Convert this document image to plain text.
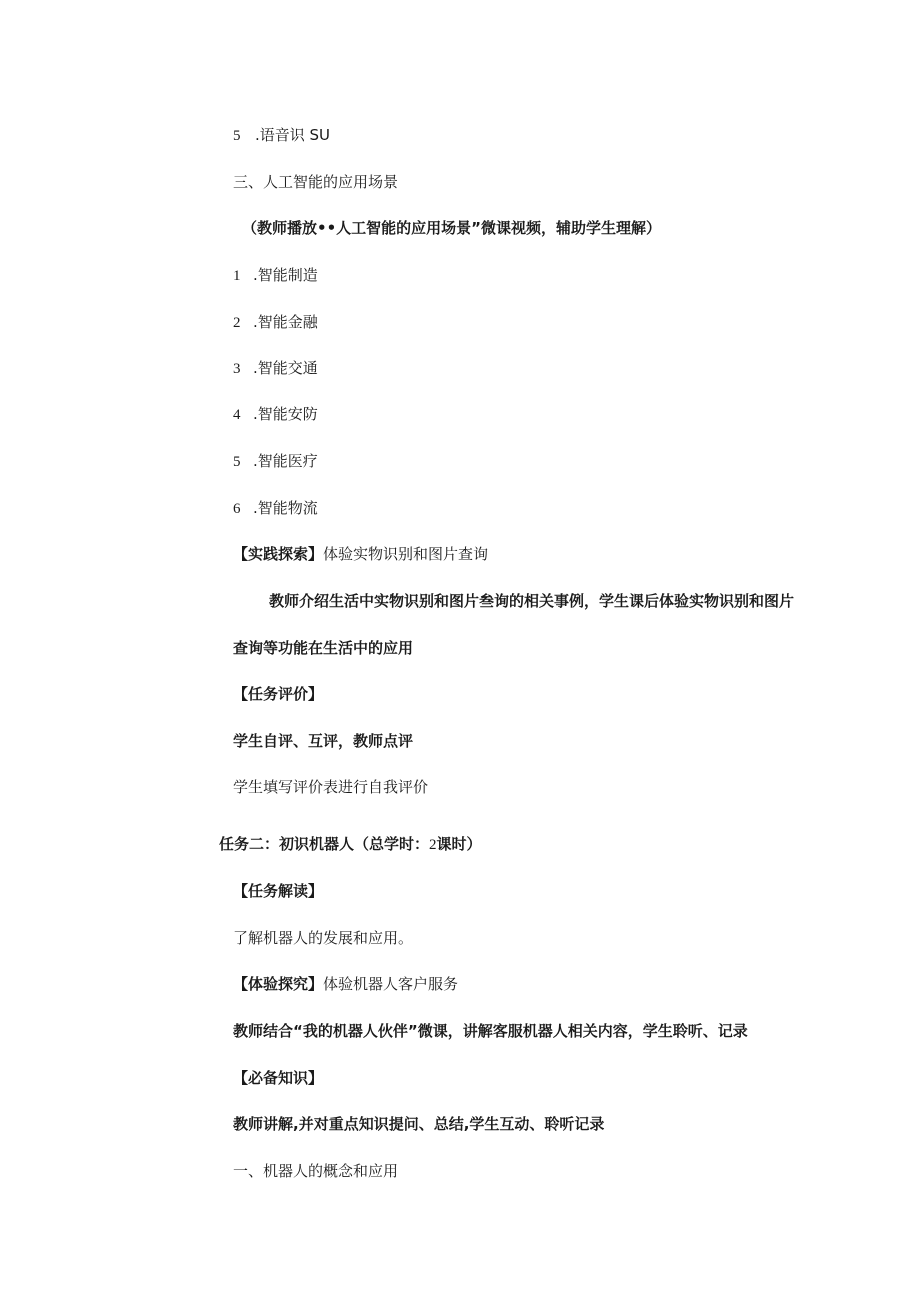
5 .语音识 SU
三、人工智能的应用场景
（教师播放••人工智能的应用场景”微课视频，辅助学生理解）
1 .智能制造
2 .智能金融
3 .智能交通
4 .智能安防
5 .智能医疗
6 .智能物流
【实践探索】体验实物识别和图片查询
教师介绍生活中实物识别和图片叁询的相关事例，学生课后体验实物识别和图片
查询等功能在生活中的应用
【任务评价】
学生自评、互评，教师点评
学生填写评价表进行自我评价
任务二：初识机器人（总学时：2课时）
【任务解读】
了解机器人的发展和应用。
【体验探究】体验机器人客户服务
教师结合“我的机器人伙伴”微课，讲解客服机器人相关内容，学生聆听、记录
【必备知识】
教师讲解,并对重点知识提问、总结,学生互动、聆听记录
一、机器人的概念和应用
